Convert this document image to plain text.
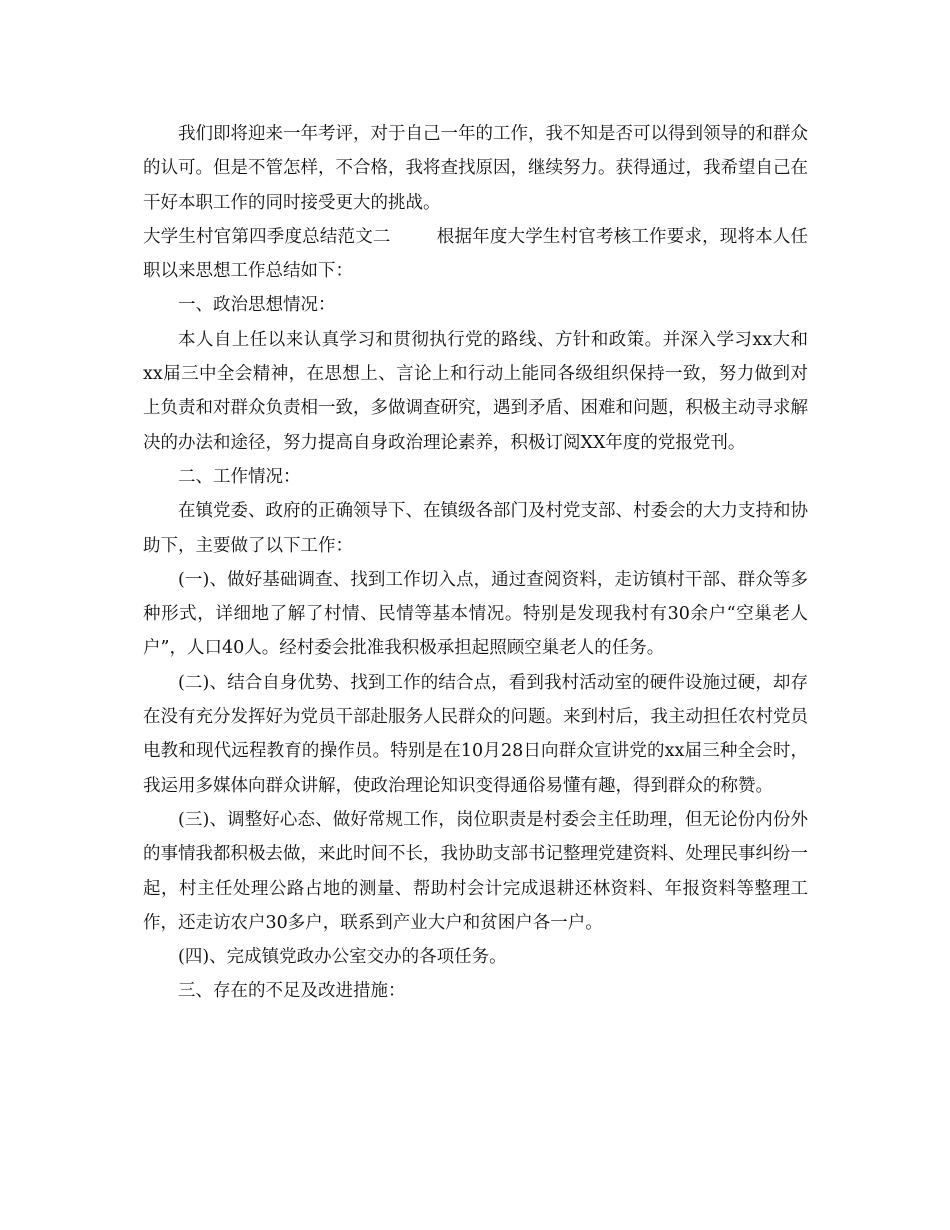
我们即将迎来一年考评，对于自己一年的工作，我不知是否可以得到领导的和群众的认可。但是不管怎样，不合格，我将查找原因，继续努力。获得通过，我希望自己在干好本职工作的同时接受更大的挑战。

大学生村官第四季度总结范文二	根据年度大学生村官考核工作要求，现将本人任职以来思想工作总结如下：

一、政治思想情况：

本人自上任以来认真学习和贯彻执行党的路线、方针和政策。并深入学习xx大和xx届三中全会精神，在思想上、言论上和行动上能同各级组织保持一致，努力做到对上负责和对群众负责相一致，多做调查研究，遇到矛盾、困难和问题，积极主动寻求解决的办法和途径，努力提高自身政治理论素养，积极订阅XX年度的党报党刊。

二、工作情况：

在镇党委、政府的正确领导下、在镇级各部门及村党支部、村委会的大力支持和协助下，主要做了以下工作：

(一)、做好基础调查、找到工作切入点，通过查阅资料，走访镇村干部、群众等多种形式，详细地了解了村情、民情等基本情况。特别是发现我村有30余户“空巢老人户”，人口40人。经村委会批准我积极承担起照顾空巢老人的任务。

(二)、结合自身优势、找到工作的结合点，看到我村活动室的硬件设施过硬，却存在没有充分发挥好为党员干部赴服务人民群众的问题。来到村后，我主动担任农村党员电教和现代远程教育的操作员。特别是在10月28日向群众宣讲党的xx届三种全会时，我运用多媒体向群众讲解，使政治理论知识变得通俗易懂有趣，得到群众的称赞。

(三)、调整好心态、做好常规工作，岗位职责是村委会主任助理，但无论份内份外的事情我都积极去做，来此时间不长，我协助支部书记整理党建资料、处理民事纠纷一起，村主任处理公路占地的测量、帮助村会计完成退耕还林资料、年报资料等整理工作，还走访农户30多户，联系到产业大户和贫困户各一户。

(四)、完成镇党政办公室交办的各项任务。

三、存在的不足及改进措施：
